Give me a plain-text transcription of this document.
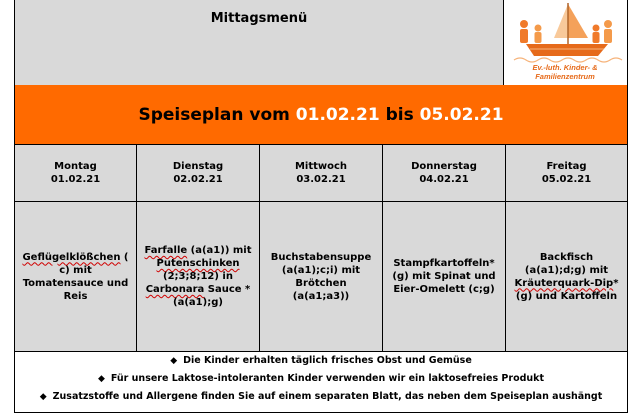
Mittagsmenü
Ev.-luth. Kinder- &
Familienzentrum
Speiseplan vom 01.02.21 bis 05.02.21
Montag
01.02.21
Dienstag
02.02.21
Mittwoch
03.02.21
Donnerstag
04.02.21
Freitag
05.02.21
Geflügelklößchen ( c) mit Tomatensauce und Reis
Farfalle (a(a1)) mit Putenschinken (2;3;8;12) in Carbonara Sauce *(a(a1);g)
Buchstabensuppe (a(a1);c;i) mit Brötchen (a(a1;a3))
Stampfkartoffeln* (g) mit Spinat und Eier-Omelett (c;g)
Backfisch (a(a1);d;g) mit Kräuterquark-Dip* (g) und Kartoffeln
◆ Die Kinder erhalten täglich frisches Obst und Gemüse
◆ Für unsere Laktose-intoleranten Kinder verwenden wir ein laktosefreies Produkt
◆ Zusatzstoffe und Allergene finden Sie auf einem separaten Blatt, das neben dem Speiseplan aushängt
